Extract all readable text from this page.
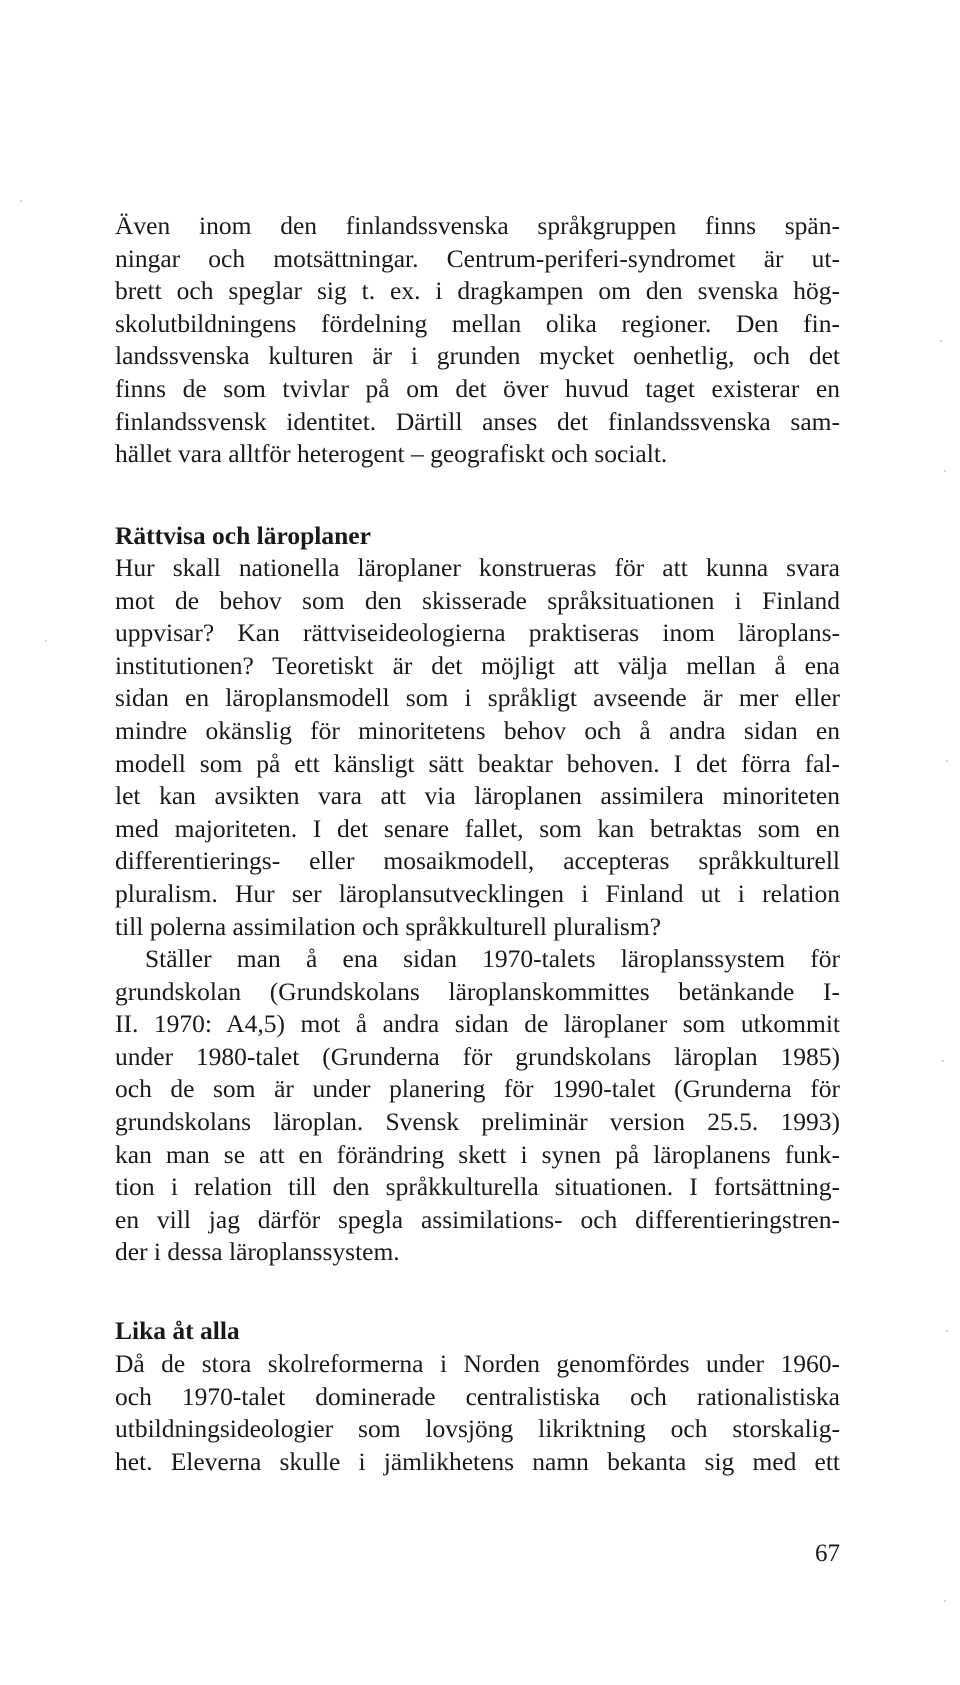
Även inom den finlandssvenska språkgruppen finns spän-
ningar och motsättningar. Centrum-periferi-syndromet är ut-
brett och speglar sig t. ex. i dragkampen om den svenska hög-
skolutbildningens fördelning mellan olika regioner. Den fin-
landssvenska kulturen är i grunden mycket oenhetlig, och det
finns de som tvivlar på om det över huvud taget existerar en
finlandssvensk identitet. Därtill anses det finlandssvenska sam-
hället vara alltför heterogent – geografiskt och socialt.
Rättvisa och läroplaner
Hur skall nationella läroplaner konstrueras för att kunna svara
mot de behov som den skisserade språksituationen i Finland
uppvisar? Kan rättviseideologierna praktiseras inom läroplans-
institutionen? Teoretiskt är det möjligt att välja mellan å ena
sidan en läroplansmodell som i språkligt avseende är mer eller
mindre okänslig för minoritetens behov och å andra sidan en
modell som på ett känsligt sätt beaktar behoven. I det förra fal-
let kan avsikten vara att via läroplanen assimilera minoriteten
med majoriteten. I det senare fallet, som kan betraktas som en
differentierings- eller mosaikmodell, accepteras språkkulturell
pluralism. Hur ser läroplansutvecklingen i Finland ut i relation
till polerna assimilation och språkkulturell pluralism?
Ställer man å ena sidan 1970-talets läroplanssystem för
grundskolan (Grundskolans läroplanskommittes betänkande I-
II. 1970: A4,5) mot å andra sidan de läroplaner som utkommit
under 1980-talet (Grunderna för grundskolans läroplan 1985)
och de som är under planering för 1990-talet (Grunderna för
grundskolans läroplan. Svensk preliminär version 25.5. 1993)
kan man se att en förändring skett i synen på läroplanens funk-
tion i relation till den språkkulturella situationen. I fortsättning-
en vill jag därför spegla assimilations- och differentieringstren-
der i dessa läroplanssystem.
Lika åt alla
Då de stora skolreformerna i Norden genomfördes under 1960-
och 1970-talet dominerade centralistiska och rationalistiska
utbildningsideologier som lovsjöng likriktning och storskalig-
het. Eleverna skulle i jämlikhetens namn bekanta sig med ett
67
